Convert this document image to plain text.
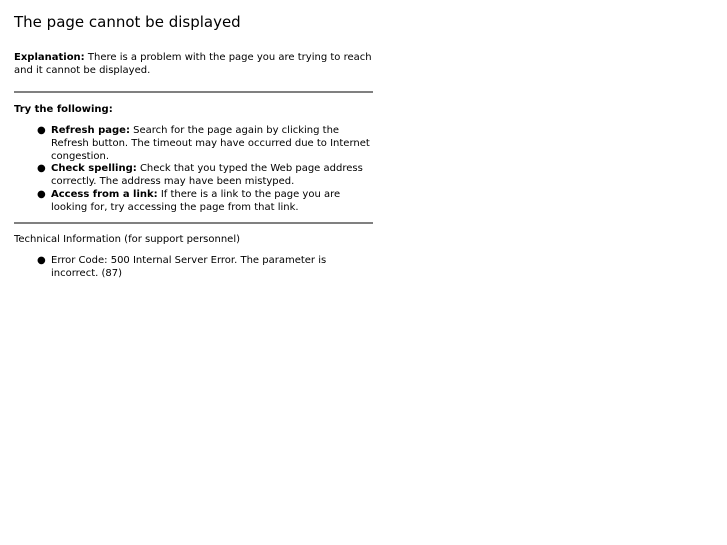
The page cannot be displayed

Explanation: There is a problem with the page you are trying to reach and it cannot be displayed.

Try the following:

● Refresh page: Search for the page again by clicking the Refresh button. The timeout may have occurred due to Internet congestion.
● Check spelling: Check that you typed the Web page address correctly. The address may have been mistyped.
● Access from a link: If there is a link to the page you are looking for, try accessing the page from that link.

Technical Information (for support personnel)

● Error Code: 500 Internal Server Error. The parameter is incorrect. (87)
